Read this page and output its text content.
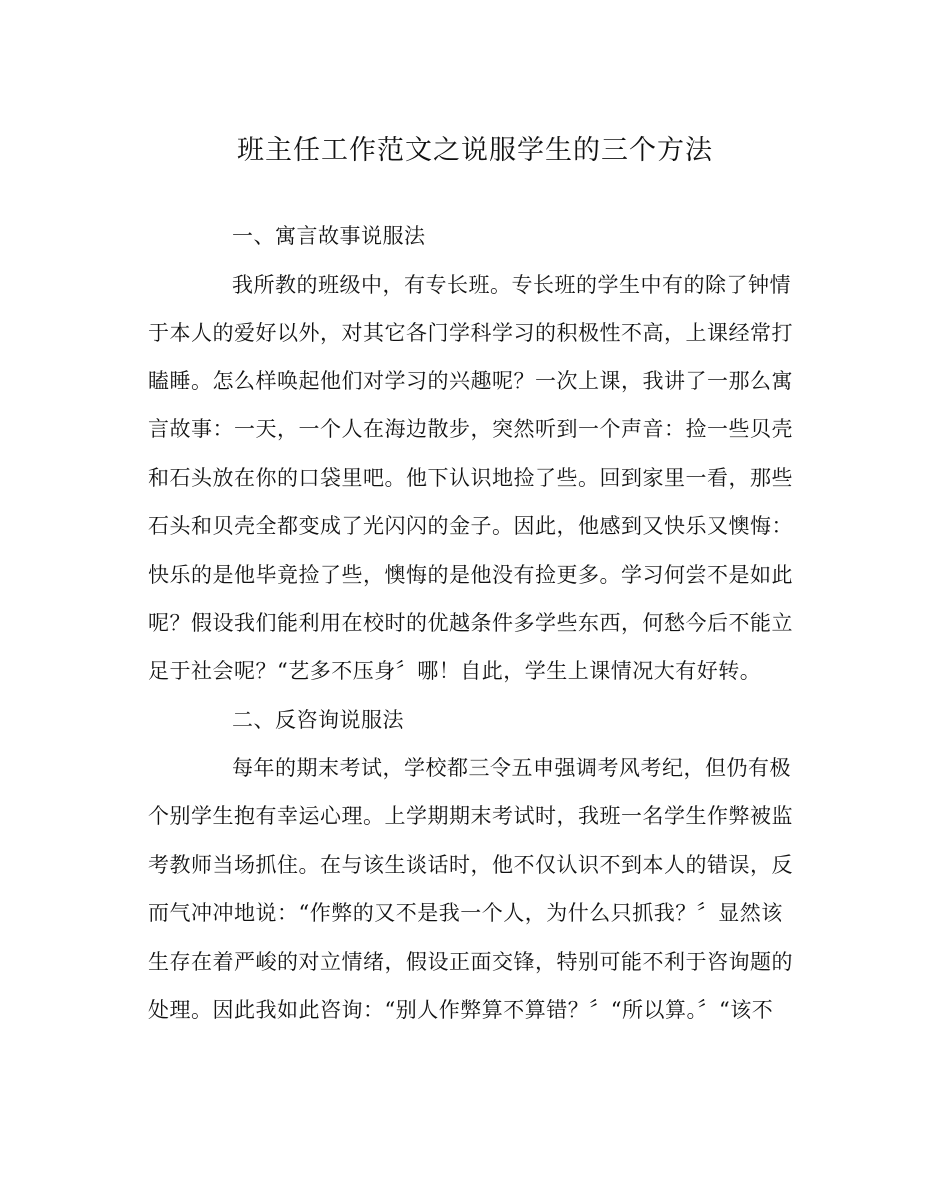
班主任工作范文之说服学生的三个方法
一、寓言故事说服法
我所教的班级中，有专长班。专长班的学生中有的除了钟情
于本人的爱好以外，对其它各门学科学习的积极性不高，上课经常打
瞌睡。怎么样唤起他们对学习的兴趣呢？一次上课，我讲了一那么寓
言故事：一天，一个人在海边散步，突然听到一个声音：捡一些贝壳
和石头放在你的口袋里吧。他下认识地捡了些。回到家里一看，那些
石头和贝壳全都变成了光闪闪的金子。因此，他感到又快乐又懊悔：
快乐的是他毕竟捡了些，懊悔的是他没有捡更多。学习何尝不是如此
呢？假设我们能利用在校时的优越条件多学些东西，何愁今后不能立
足于社会呢？“艺多不压身〞哪！自此，学生上课情况大有好转。
二、反咨询说服法
每年的期末考试，学校都三令五申强调考风考纪，但仍有极
个别学生抱有幸运心理。上学期期末考试时，我班一名学生作弊被监
考教师当场抓住。在与该生谈话时，他不仅认识不到本人的错误，反
而气冲冲地说：“作弊的又不是我一个人，为什么只抓我？〞显然该
生存在着严峻的对立情绪，假设正面交锋，特别可能不利于咨询题的
处理。因此我如此咨询：“别人作弊算不算错？〞“所以算。〞“该不
